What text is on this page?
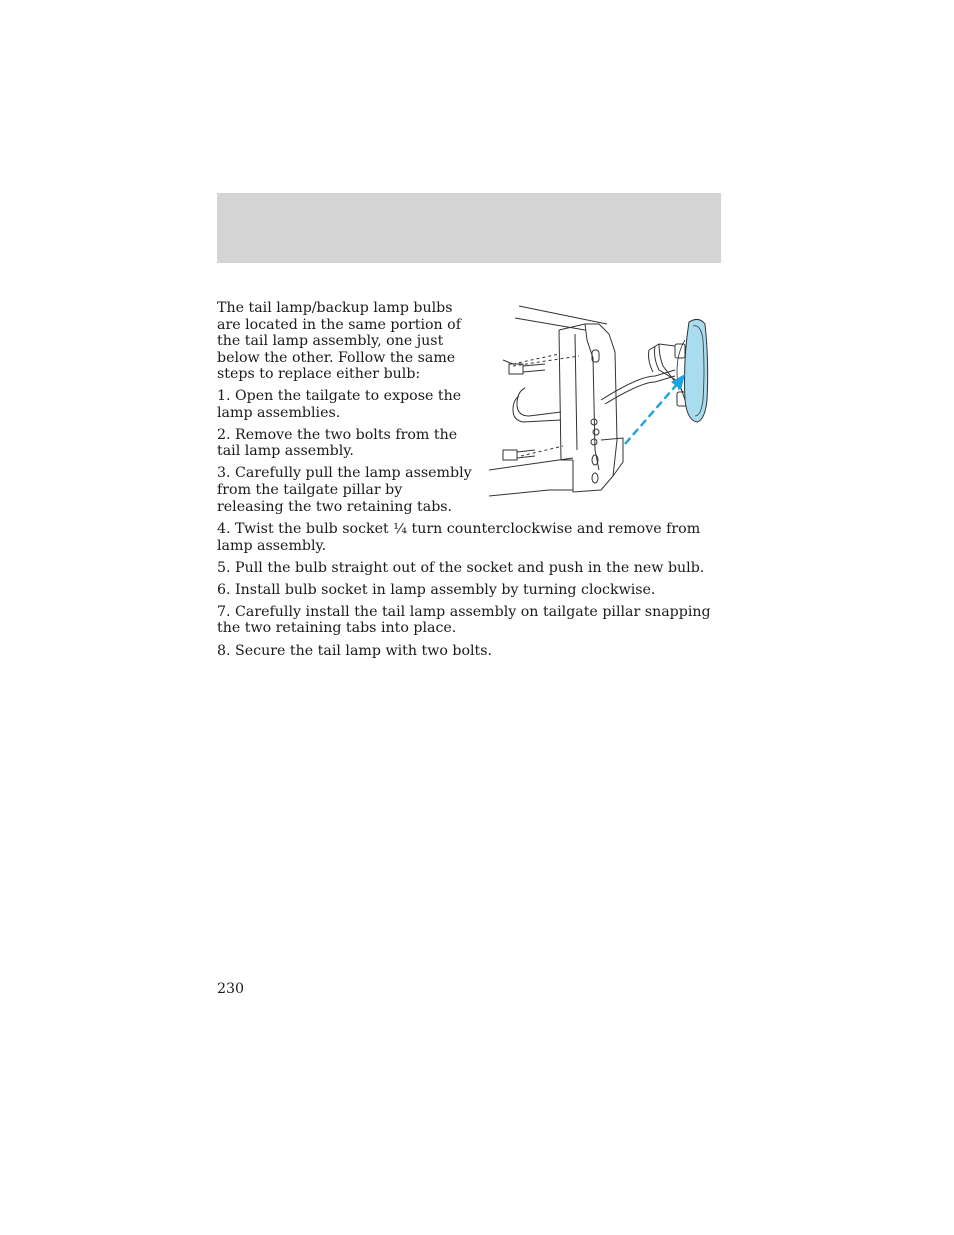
The tail lamp/backup lamp bulbs are located in the same portion of the tail lamp assembly, one just below the other. Follow the same steps to replace either bulb:

1. Open the tailgate to expose the lamp assemblies.

2. Remove the two bolts from the tail lamp assembly.

3. Carefully pull the lamp assembly from the tailgate pillar by releasing the two retaining tabs.

4. Twist the bulb socket ¼ turn counterclockwise and remove from lamp assembly.

5. Pull the bulb straight out of the socket and push in the new bulb.

6. Install bulb socket in lamp assembly by turning clockwise.

7. Carefully install the tail lamp assembly on tailgate pillar snapping the two retaining tabs into place.

8. Secure the tail lamp with two bolts.

230
